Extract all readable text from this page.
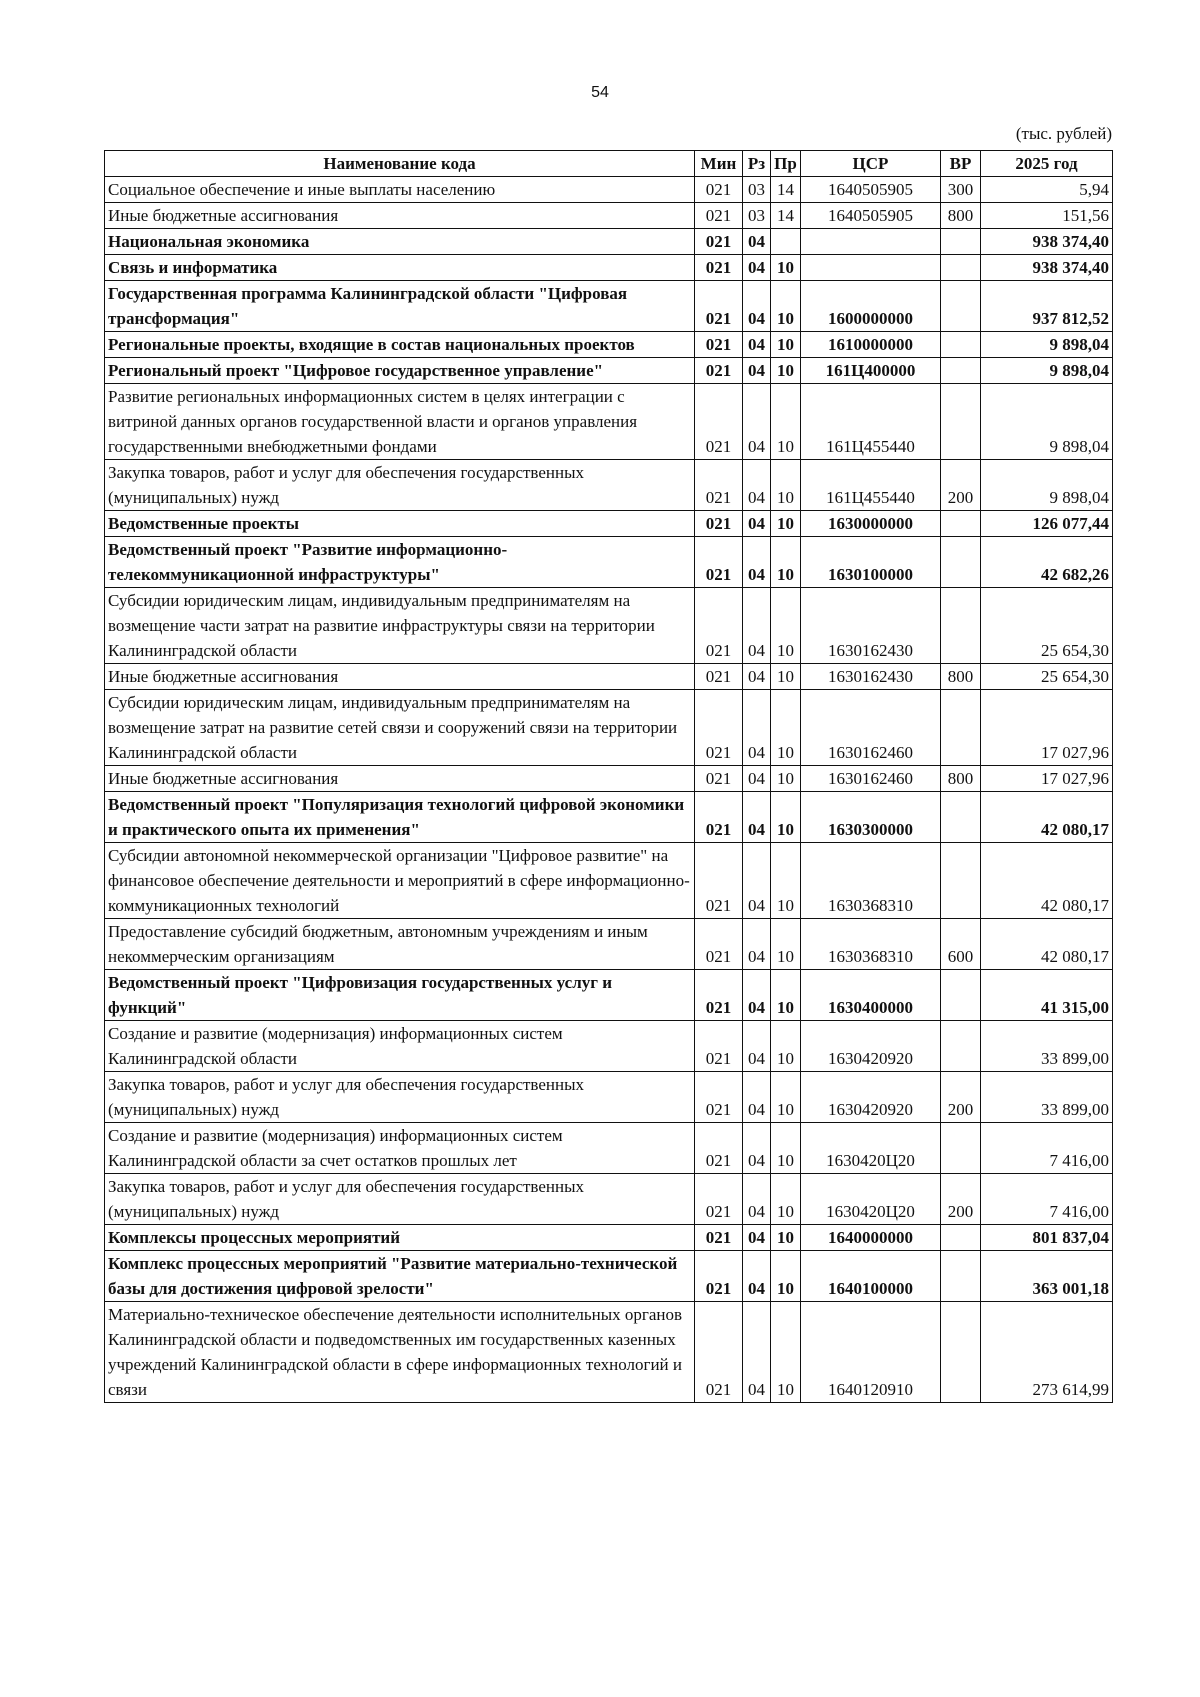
54
(тыс. рублей)
Наименование кода	Мин	Рз	Пр	ЦСР	ВР	2025 год
Социальное обеспечение и иные выплаты населению	021	03	14	1640505905	300	5,94
Иные бюджетные ассигнования	021	03	14	1640505905	800	151,56
Национальная экономика	021	04				938 374,40
Связь и информатика	021	04	10			938 374,40
Государственная программа Калининградской области "Цифровая трансформация"	021	04	10	1600000000		937 812,52
Региональные проекты, входящие в состав национальных проектов	021	04	10	1610000000		9 898,04
Региональный проект "Цифровое государственное управление"	021	04	10	161Ц400000		9 898,04
Развитие региональных информационных систем в целях интеграции с витриной данных органов государственной власти и органов управления государственными внебюджетными фондами	021	04	10	161Ц455440		9 898,04
Закупка товаров, работ и услуг для обеспечения государственных (муниципальных) нужд	021	04	10	161Ц455440	200	9 898,04
Ведомственные проекты	021	04	10	1630000000		126 077,44
Ведомственный проект "Развитие информационно-телекоммуникационной инфраструктуры"	021	04	10	1630100000		42 682,26
Субсидии юридическим лицам, индивидуальным предпринимателям на возмещение части затрат на развитие инфраструктуры связи на территории Калининградской области	021	04	10	1630162430		25 654,30
Иные бюджетные ассигнования	021	04	10	1630162430	800	25 654,30
Субсидии юридическим лицам, индивидуальным предпринимателям на возмещение затрат на развитие сетей связи и сооружений связи на территории Калининградской области	021	04	10	1630162460		17 027,96
Иные бюджетные ассигнования	021	04	10	1630162460	800	17 027,96
Ведомственный проект "Популяризация технологий цифровой экономики и практического опыта их применения"	021	04	10	1630300000		42 080,17
Субсидии автономной некоммерческой организации "Цифровое развитие" на финансовое обеспечение деятельности и мероприятий в сфере информационно-коммуникационных технологий	021	04	10	1630368310		42 080,17
Предоставление субсидий бюджетным, автономным учреждениям и иным некоммерческим организациям	021	04	10	1630368310	600	42 080,17
Ведомственный проект "Цифровизация государственных услуг и функций"	021	04	10	1630400000		41 315,00
Создание и развитие (модернизация) информационных систем Калининградской области	021	04	10	1630420920		33 899,00
Закупка товаров, работ и услуг для обеспечения государственных (муниципальных) нужд	021	04	10	1630420920	200	33 899,00
Создание и развитие (модернизация) информационных систем Калининградской области за счет остатков прошлых лет	021	04	10	1630420Ц20		7 416,00
Закупка товаров, работ и услуг для обеспечения государственных (муниципальных) нужд	021	04	10	1630420Ц20	200	7 416,00
Комплексы процессных мероприятий	021	04	10	1640000000		801 837,04
Комплекс процессных мероприятий "Развитие материально-технической базы для достижения цифровой зрелости"	021	04	10	1640100000		363 001,18
Материально-техническое обеспечение деятельности исполнительных органов Калининградской области и подведомственных им государственных казенных учреждений Калининградской области в сфере информационных технологий и связи	021	04	10	1640120910		273 614,99
